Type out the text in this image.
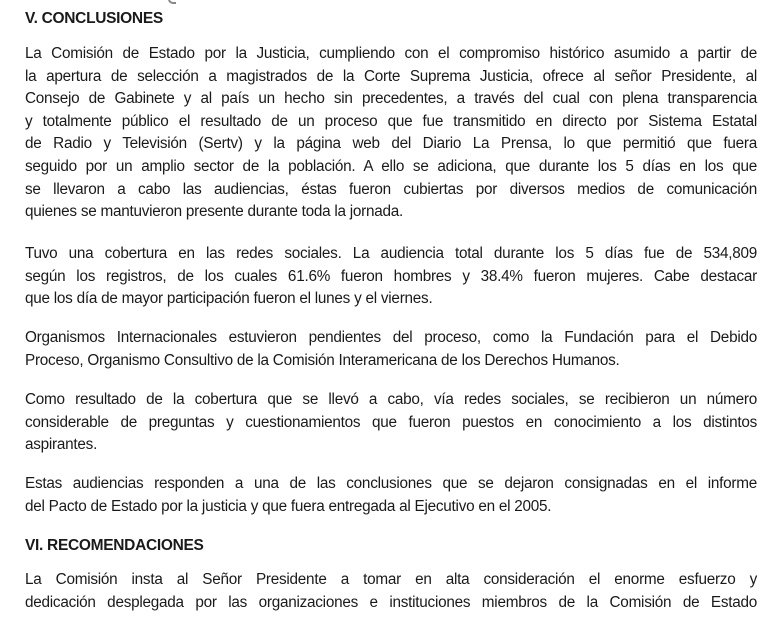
V. CONCLUSIONES
La Comisión de Estado por la Justicia, cumpliendo con el compromiso histórico asumido a partir de
la apertura de selección a magistrados de la Corte Suprema Justicia, ofrece al señor Presidente, al
Consejo de Gabinete y al país un hecho sin precedentes, a través del cual con plena transparencia
y totalmente público el resultado de un proceso que fue transmitido en directo por Sistema Estatal
de Radio y Televisión (Sertv) y la página web del Diario La Prensa, lo que permitió que fuera
seguido por un amplio sector de la población. A ello se adiciona, que durante los 5 días en los que
se llevaron a cabo las audiencias, éstas fueron cubiertas por diversos medios de comunicación
quienes se mantuvieron presente durante toda la jornada.
Tuvo una cobertura en las redes sociales. La audiencia total durante los 5 días fue de 534,809
según los registros, de los cuales 61.6% fueron hombres y 38.4% fueron mujeres. Cabe destacar
que los día de mayor participación fueron el lunes y el viernes.
Organismos Internacionales estuvieron pendientes del proceso, como la Fundación para el Debido
Proceso, Organismo Consultivo de la Comisión Interamericana de los Derechos Humanos.
Como resultado de la cobertura que se llevó a cabo, vía redes sociales, se recibieron un número
considerable de preguntas y cuestionamientos que fueron puestos en conocimiento a los distintos
aspirantes.
Estas audiencias responden a una de las conclusiones que se dejaron consignadas en el informe
del Pacto de Estado por la justicia y que fuera entregada al Ejecutivo en el 2005.
VI. RECOMENDACIONES
La Comisión insta al Señor Presidente a tomar en alta consideración el enorme esfuerzo y
dedicación desplegada por las organizaciones e instituciones miembros de la Comisión de Estado
